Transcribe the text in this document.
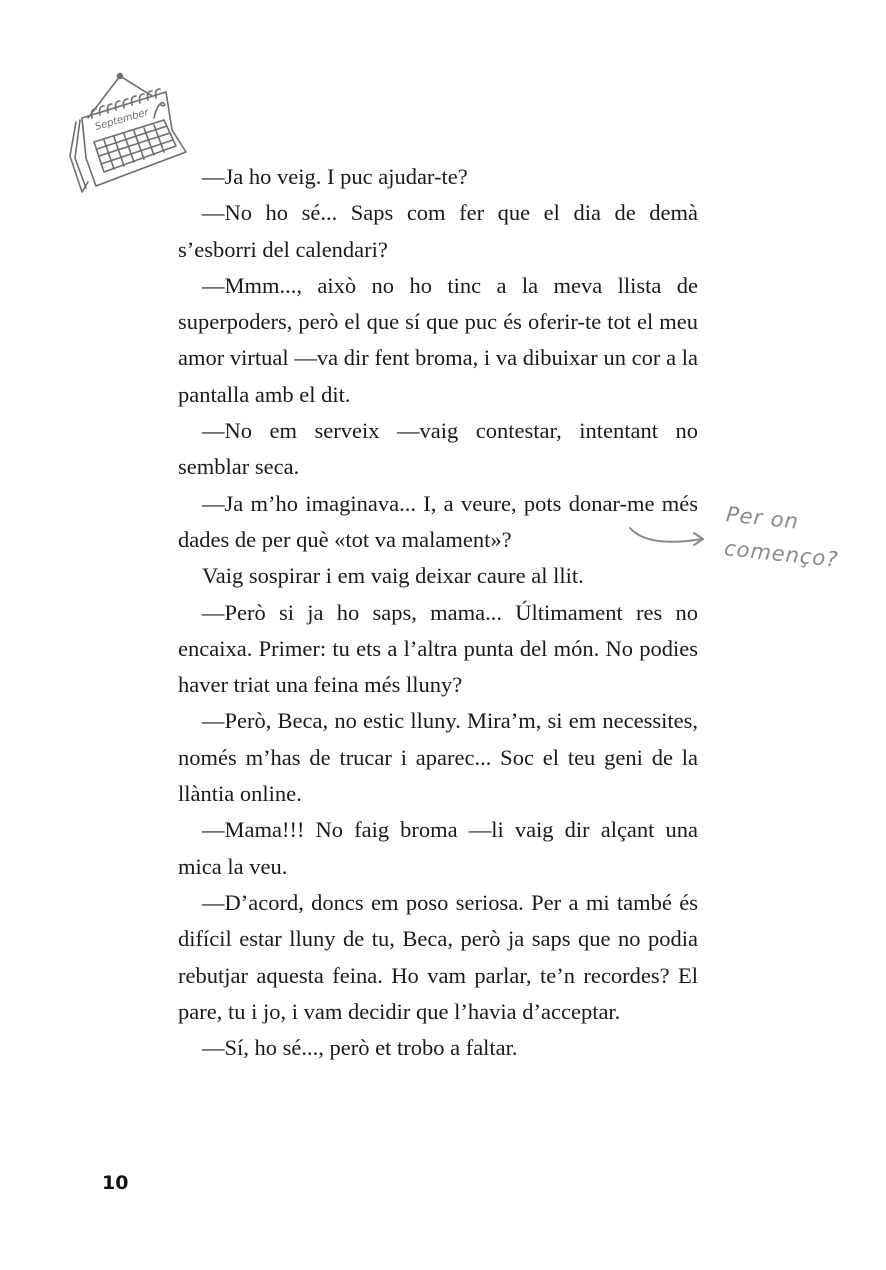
September

—Ja ho veig. I puc ajudar-te?

—No ho sé... Saps com fer que el dia de demà s’esborri del calendari?

—Mmm..., això no ho tinc a la meva llista de superpoders, però el que sí que puc és oferir-te tot el meu amor virtual —va dir fent broma, i va dibuixar un cor a la pantalla amb el dit.

—No em serveix —vaig contestar, intentant no semblar seca.

—Ja m’ho imaginava... I, a veure, pots donar-me més dades de per què «tot va malament»?

Vaig sospirar i em vaig deixar caure al llit.

—Però si ja ho saps, mama... Últimament res no encaixa. Primer: tu ets a l’altra punta del món. No podies haver triat una feina més lluny?

—Però, Beca, no estic lluny. Mira’m, si em necessites, només m’has de trucar i aparec... Soc el teu geni de la llàntia online.

—Mama!!! No faig broma —li vaig dir alçant una mica la veu.

—D’acord, doncs em poso seriosa. Per a mi també és difícil estar lluny de tu, Beca, però ja saps que no podia rebutjar aquesta feina. Ho vam parlar, te’n recordes? El pare, tu i jo, i vam decidir que l’havia d’acceptar.

—Sí, ho sé..., però et trobo a faltar.

Per on
començo?
10
